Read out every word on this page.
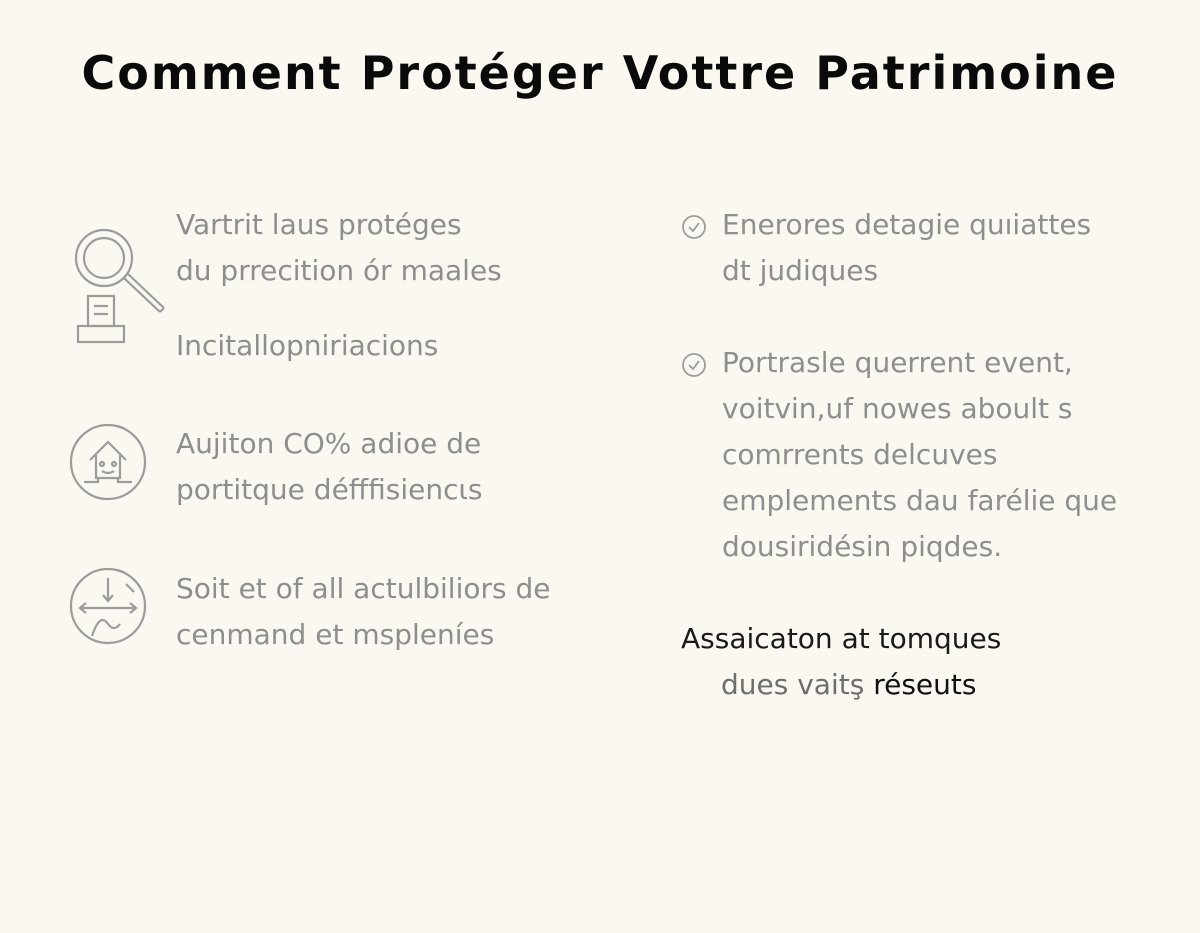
Comment Protéger Vottre Patrimoine
Vartrit laus protéges
du prrecition ór maales
Incitallopniriacions
Aujiton CO% adioe de
portitque défffisiencιs
Soit et of all actulbiliors de
cenmand et mspleníes
Enerores detagie quıiattes
dt judiques
Portrasle querrent event,
voitvin,uf nowes aboult s
comrrents delcuves
emplements dau farélie que
dousiridésin piqdes.
Assaicaton at tomques
dues vaitş réseuts
